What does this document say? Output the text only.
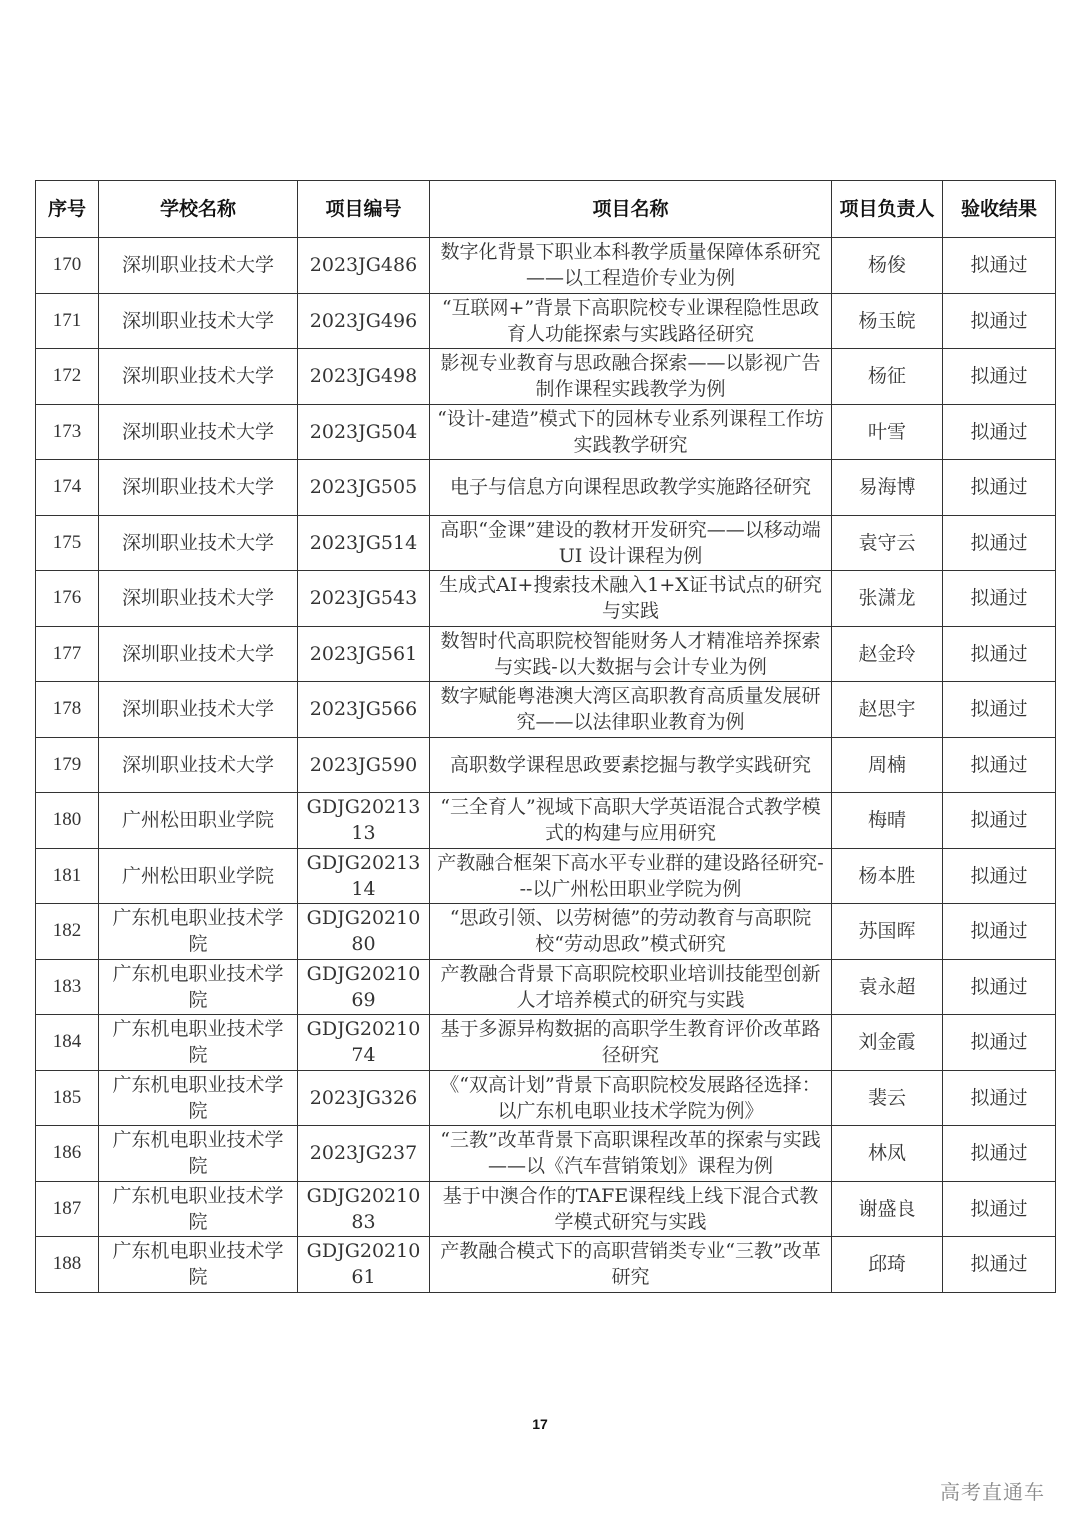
序号	学校名称	项目编号	项目名称	项目负责人	验收结果
170	深圳职业技术大学	2023JG486	数字化背景下职业本科教学质量保障体系研究——以工程造价专业为例	杨俊	拟通过
171	深圳职业技术大学	2023JG496	“互联网+”背景下高职院校专业课程隐性思政育人功能探索与实践路径研究	杨玉皖	拟通过
172	深圳职业技术大学	2023JG498	影视专业教育与思政融合探索——以影视广告制作课程实践教学为例	杨征	拟通过
173	深圳职业技术大学	2023JG504	“设计-建造”模式下的园林专业系列课程工作坊实践教学研究	叶雪	拟通过
174	深圳职业技术大学	2023JG505	电子与信息方向课程思政教学实施路径研究	易海博	拟通过
175	深圳职业技术大学	2023JG514	高职“金课”建设的教材开发研究——以移动端UI 设计课程为例	袁守云	拟通过
176	深圳职业技术大学	2023JG543	生成式AI+搜索技术融入1+X证书试点的研究与实践	张潇龙	拟通过
177	深圳职业技术大学	2023JG561	数智时代高职院校智能财务人才精准培养探索与实践-以大数据与会计专业为例	赵金玲	拟通过
178	深圳职业技术大学	2023JG566	数字赋能粤港澳大湾区高职教育高质量发展研究——以法律职业教育为例	赵思宇	拟通过
179	深圳职业技术大学	2023JG590	高职数学课程思政要素挖掘与教学实践研究	周楠	拟通过
180	广州松田职业学院	GDJG2021313	“三全育人”视域下高职大学英语混合式教学模式的构建与应用研究	梅晴	拟通过
181	广州松田职业学院	GDJG2021314	产教融合框架下高水平专业群的建设路径研究---以广州松田职业学院为例	杨本胜	拟通过
182	广东机电职业技术学院	GDJG2021080	“思政引领、以劳树德”的劳动教育与高职院校“劳动思政”模式研究	苏国晖	拟通过
183	广东机电职业技术学院	GDJG2021069	产教融合背景下高职院校职业培训技能型创新人才培养模式的研究与实践	袁永超	拟通过
184	广东机电职业技术学院	GDJG2021074	基于多源异构数据的高职学生教育评价改革路径研究	刘金霞	拟通过
185	广东机电职业技术学院	2023JG326	《“双高计划”背景下高职院校发展路径选择：以广东机电职业技术学院为例》	裴云	拟通过
186	广东机电职业技术学院	2023JG237	“三教”改革背景下高职课程改革的探索与实践——以《汽车营销策划》课程为例	林凤	拟通过
187	广东机电职业技术学院	GDJG2021083	基于中澳合作的TAFE课程线上线下混合式教学模式研究与实践	谢盛良	拟通过
188	广东机电职业技术学院	GDJG2021061	产教融合模式下的高职营销类专业“三教”改革研究	邱琦	拟通过
17
高考直通车
